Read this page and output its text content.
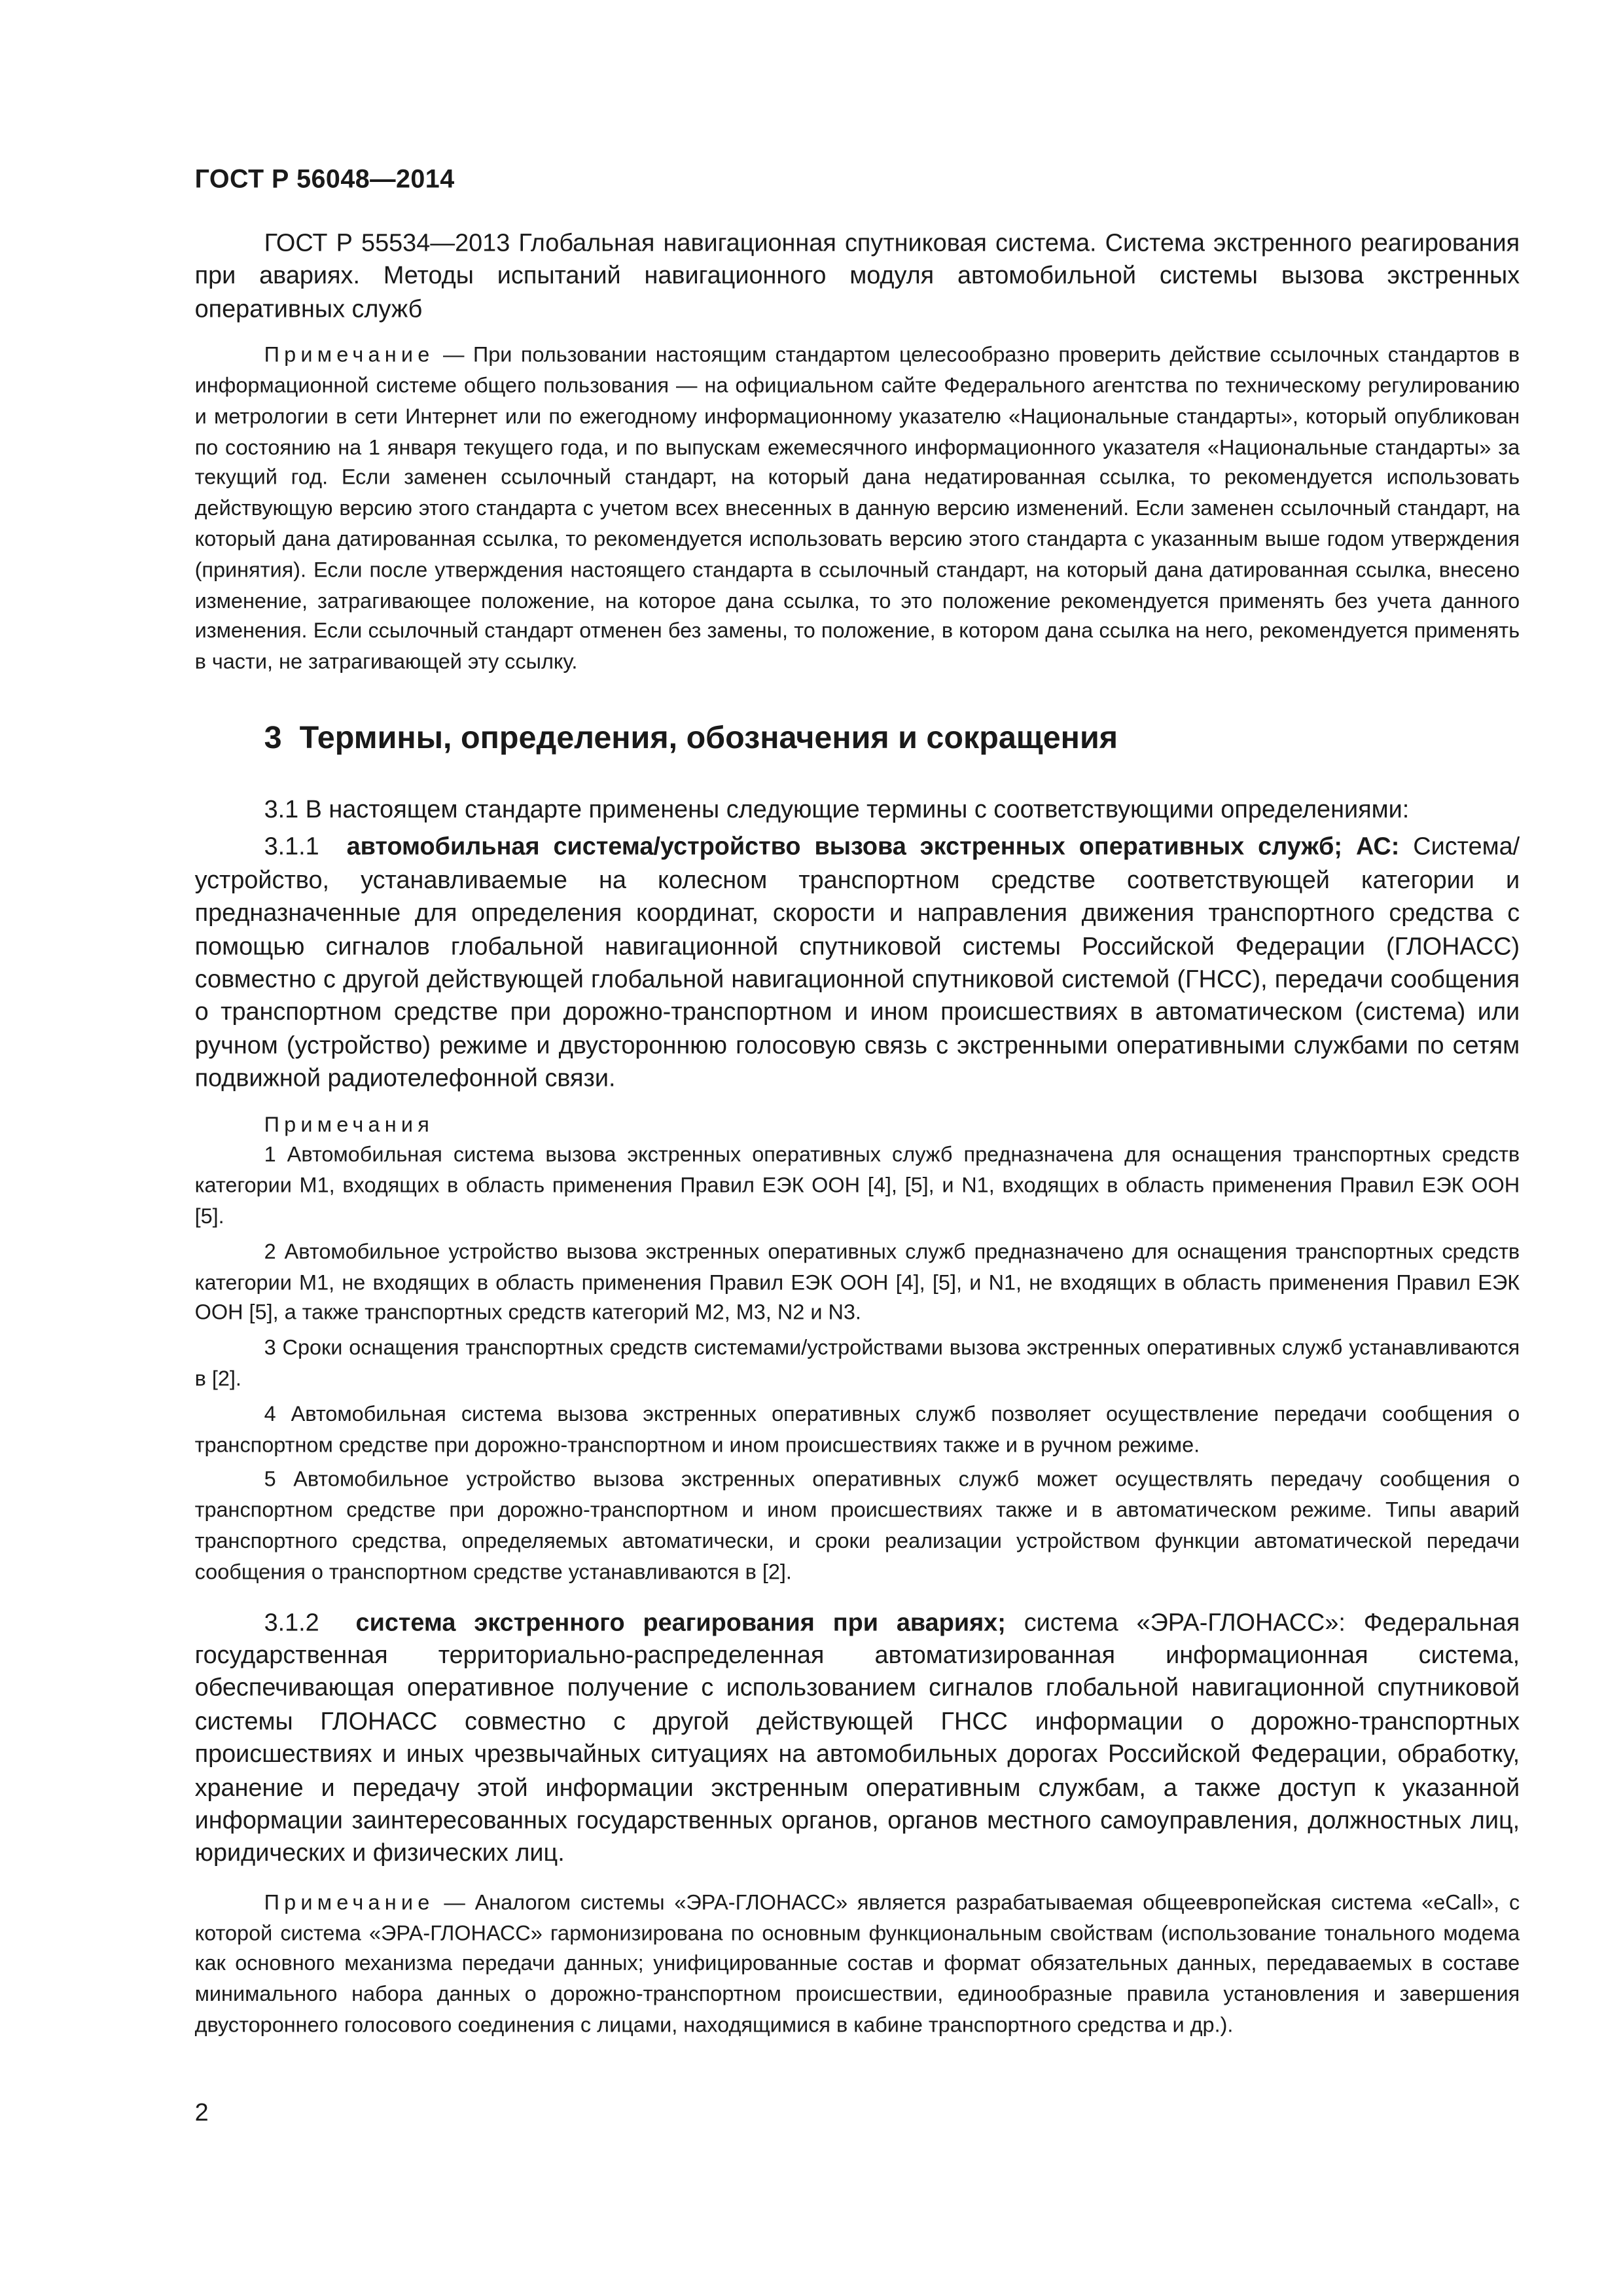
ГОСТ Р 56048—2014

ГОСТ Р 55534—2013 Глобальная навигационная спутниковая система. Система экстренного реагирования при авариях. Методы испытаний навигационного модуля автомобильной системы вызова экстренных оперативных служб

Примечание — При пользовании настоящим стандартом целесообразно проверить действие ссылочных стандартов в информационной системе общего пользования — на официальном сайте Федерального агентства по техническому регулированию и метрологии в сети Интернет или по ежегодному информационному указателю «Национальные стандарты», который опубликован по состоянию на 1 января текущего года, и по выпускам ежемесячного информационного указателя «Национальные стандарты» за текущий год. Если заменен ссылочный стандарт, на который дана недатированная ссылка, то рекомендуется использовать действующую версию этого стандарта с учетом всех внесенных в данную версию изменений. Если заменен ссылочный стандарт, на который дана датированная ссылка, то рекомендуется использовать версию этого стандарта с указанным выше годом утверждения (принятия). Если после утверждения настоящего стандарта в ссылочный стандарт, на который дана датированная ссылка, внесено изменение, затрагивающее положение, на которое дана ссылка, то это положение рекомендуется применять без учета данного изменения. Если ссылочный стандарт отменен без замены, то положение, в котором дана ссылка на него, рекомендуется применять в части, не затрагивающей эту ссылку.

3 Термины, определения, обозначения и сокращения

3.1 В настоящем стандарте применены следующие термины с соответствующими определениями:

3.1.1 автомобильная система/устройство вызова экстренных оперативных служб; АС: Система/устройство, устанавливаемые на колесном транспортном средстве соответствующей категории и предназначенные для определения координат, скорости и направления движения транспортного средства с помощью сигналов глобальной навигационной спутниковой системы Российской Федерации (ГЛОНАСС) совместно с другой действующей глобальной навигационной спутниковой системой (ГНСС), передачи сообщения о транспортном средстве при дорожно-транспортном и ином происшествиях в автоматическом (система) или ручном (устройство) режиме и двустороннюю голосовую связь с экстренными оперативными службами по сетям подвижной радиотелефонной связи.

Примечания

1 Автомобильная система вызова экстренных оперативных служб предназначена для оснащения транспортных средств категории М1, входящих в область применения Правил ЕЭК ООН [4], [5], и N1, входящих в область применения Правил ЕЭК ООН [5].

2 Автомобильное устройство вызова экстренных оперативных служб предназначено для оснащения транспортных средств категории М1, не входящих в область применения Правил ЕЭК ООН [4], [5], и N1, не входящих в область применения Правил ЕЭК ООН [5], а также транспортных средств категорий М2, М3, N2 и N3.

3 Сроки оснащения транспортных средств системами/устройствами вызова экстренных оперативных служб устанавливаются в [2].

4 Автомобильная система вызова экстренных оперативных служб позволяет осуществление передачи сообщения о транспортном средстве при дорожно-транспортном и ином происшествиях также и в ручном режиме.

5 Автомобильное устройство вызова экстренных оперативных служб может осуществлять передачу сообщения о транспортном средстве при дорожно-транспортном и ином происшествиях также и в автоматическом режиме. Типы аварий транспортного средства, определяемых автоматически, и сроки реализации устройством функции автоматической передачи сообщения о транспортном средстве устанавливаются в [2].

3.1.2	система экстренного реагирования при авариях; система «ЭРА-ГЛОНАСС»: Федеральная государственная территориально-распределенная автоматизированная информационная система, обеспечивающая оперативное получение с использованием сигналов глобальной навигационной спутниковой системы ГЛОНАСС совместно с другой действующей ГНСС информации о дорожно-транспортных происшествиях и иных чрезвычайных ситуациях на автомобильных дорогах Российской Федерации, обработку, хранение и передачу этой информации экстренным оперативным службам, а также доступ к указанной информации заинтересованных государственных органов, органов местного самоуправления, должностных лиц, юридических и физических лиц.

Примечание — Аналогом системы «ЭРА-ГЛОНАСС» является разрабатываемая общеевропейская система «eCall», с которой система «ЭРА-ГЛОНАСС» гармонизирована по основным функциональным свойствам (использование тонального модема как основного механизма передачи данных; унифицированные состав и формат обязательных данных, передаваемых в составе минимального набора данных о дорожно-транспортном происшествии, единообразные правила установления и завершения двустороннего голосового соединения с лицами, находящимися в кабине транспортного средства и др.).

2
